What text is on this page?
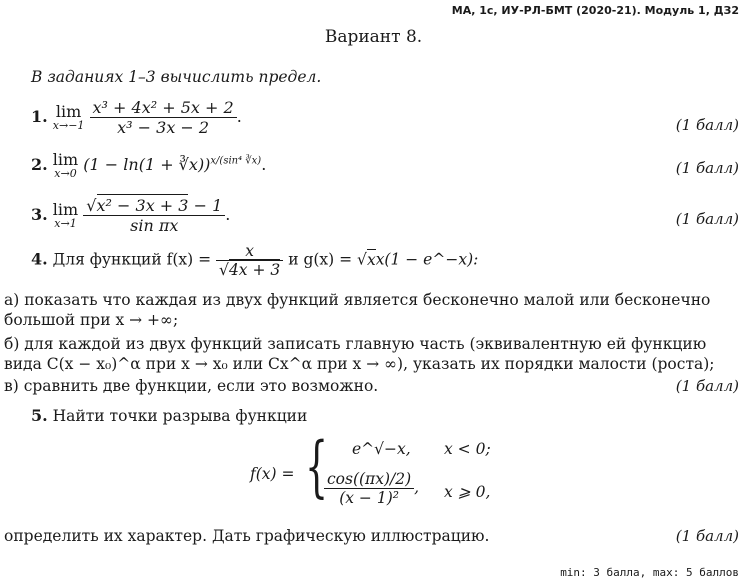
МА, 1с, ИУ-РЛ-БМТ (2020-21). Модуль 1, ДЗ2
Вариант 8.
В заданиях 1–3 вычислить предел.
1. lim
x→−1
$\frac{\text{x³ + 4x² + 5x + 2}}{\text{x³ − 3x − 2}}$ .	(1 балл)
2. lim
x→0 (1 − ln(1 + ∛x))$^{x/(sin^4 ∛x)}$.	(1 балл)
3. lim
x→1
$\frac{\text{√x² − 3x + 3 − 1}}{\text{sin πx}}$ .	(1 балл)
4. Для функций $f(x) = \frac{x}{√4x + 3}$ и g(x) = √xx(1 − e^−x):
а) показать что каждая из двух функций является бесконечно малой или бесконечно большой при x → +∞;
б) для каждой из двух функций записать главную часть (эквивалентную ей функцию вида C(x − x₀)^α при x → x₀ или Cx^α при x → ∞), указать их порядки малости (роста);
в) сравнить две функции, если это возможно.	(1 балл)
5. Найти точки разрыва функции
f(x) = { e^√−x, x < 0;
$\frac{\cos((\pi x)/2)}{\text{(x − 1)²}}$ , x ⩾ 0,
определить их характер. Дать графическую иллюстрацию.	(1 балл)
min: 3 балла, max: 5 баллов
